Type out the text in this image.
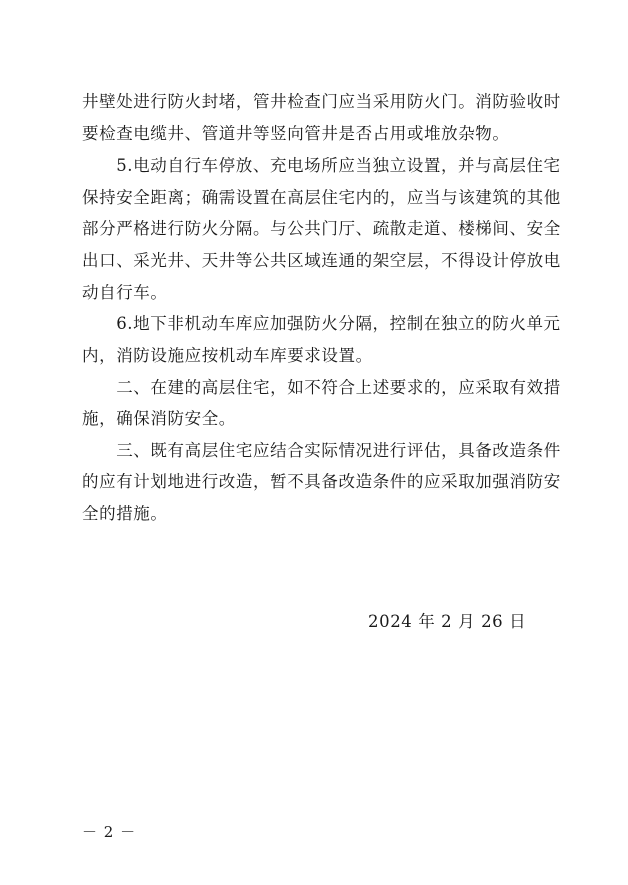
井壁处进行防火封堵，管井检查门应当采用防火门。消防验收时
要检查电缆井、管道井等竖向管井是否占用或堆放杂物。
　　5.电动自行车停放、充电场所应当独立设置，并与高层住宅
保持安全距离；确需设置在高层住宅内的，应当与该建筑的其他
部分严格进行防火分隔。与公共门厅、疏散走道、楼梯间、安全
出口、采光井、天井等公共区域连通的架空层，不得设计停放电
动自行车。
　　6.地下非机动车库应加强防火分隔，控制在独立的防火单元
内，消防设施应按机动车库要求设置。
　　二、在建的高层住宅，如不符合上述要求的，应采取有效措
施，确保消防安全。
　　三、既有高层住宅应结合实际情况进行评估，具备改造条件
的应有计划地进行改造，暂不具备改造条件的应采取加强消防安
全的措施。
2024 年 2 月 26 日
－ 2 －
